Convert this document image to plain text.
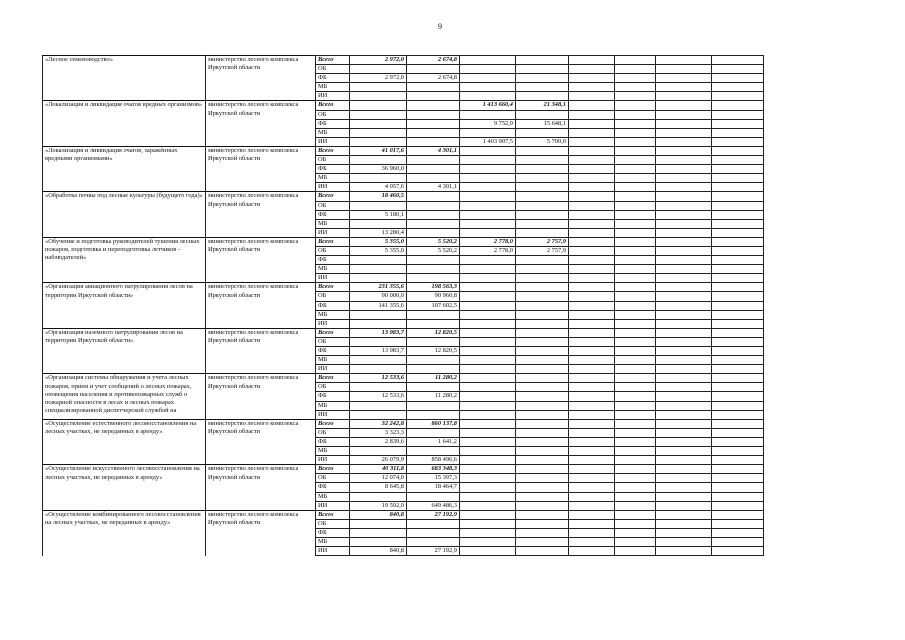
9
«Лесное семеноводство»	министерство лесного комплекса Иркутской области	Всего	2 972,0	2 674,8						
		ОБ								
		ФБ	2 972,0	2 674,8						
		МБ								
		ИИ								
«Локализация и ликвидация очагов вредных организмов»	министерство лесного комплекса Иркутской области	Всего			1 413 660,4	21 348,1				
		ОБ								
		ФБ			9 752,9	15 648,1				
		МБ								
		ИИ			1 403 907,5	5 700,0				
«Локализация и ликвидация очагов, заражённых вредными организмами»	министерство лесного комплекса Иркутской области	Всего	41 017,6	4 301,1						
		ОБ								
		ФБ	36 960,0							
		МБ								
		ИИ	4 057,6	4 301,1						
«Обработка почвы под лесные культуры (будущего года)»	министерство лесного комплекса Иркутской области	Всего	18 460,5							
		ОБ								
		ФБ	5 180,1							
		МБ								
		ИИ	13 280,4							
«Обучение и подготовка руководителей тушения лесных пожаров, подготовка и переподготовка летчиков - наблюдателей»	министерство лесного комплекса Иркутской области	Всего	5 355,0	5 520,2	2 778,0	2 757,9				
		ОБ	5 355,0	5 520,2	2 778,0	2 757,9				
		ФБ								
		МБ								
		ИИ								
«Организация авиационного патрулирования лесов на территории Иркутской области»	министерство лесного комплекса Иркутской области	Всего	231 355,6	198 563,3						
		ОБ	90 000,0	90 960,8						
		ФБ	141 355,6	107 602,5						
		МБ								
		ИИ								
«Организация наземного патрулирования лесов на территории Иркутской области»	министерство лесного комплекса Иркутской области	Всего	13 983,7	12 820,5						
		ОБ								
		ФБ	13 983,7	12 820,5						
		МБ								
		ИИ								
«Организация системы обнаружения и учета лесных пожаров, прием и учет сообщений о лесных пожарах, оповещения населения и противопожарных служб о пожарной опасности в лесах и лесных пожарах специализированной диспетчерской службой на	министерство лесного комплекса Иркутской области	Всего	12 533,6	11 280,2						
		ОБ								
		ФБ	12 533,6	11 280,2						
		МБ								
		ИИ								
«Осуществление естественного лесовосстановления на лесных участках, не переданных в аренду»	министерство лесного комплекса Иркутской области	Всего	32 242,8	860 137,8						
		ОБ	3 323,3							
		ФБ	2 839,6	1 641,2						
		МБ								
		ИИ	26 079,9	858 496,6						
«Осуществление искусственного лесовосстановления на лесных участках, не переданных в аренду»	министерство лесного комплекса Иркутской области	Всего	40 311,8	683 348,3						
		ОБ	12 074,0	15 397,3						
		ФБ	8 645,8	18 464,7						
		МБ								
		ИИ	19 592,0	649 486,3						
«Осуществление комбинированного лесовосстановления на лесных участках, не переданных в аренду»	министерство лесного комплекса Иркутской области	Всего	840,8	27 192,9						
		ОБ								
		ФБ								
		МБ								
		ИИ	840,8	27 192,9						
